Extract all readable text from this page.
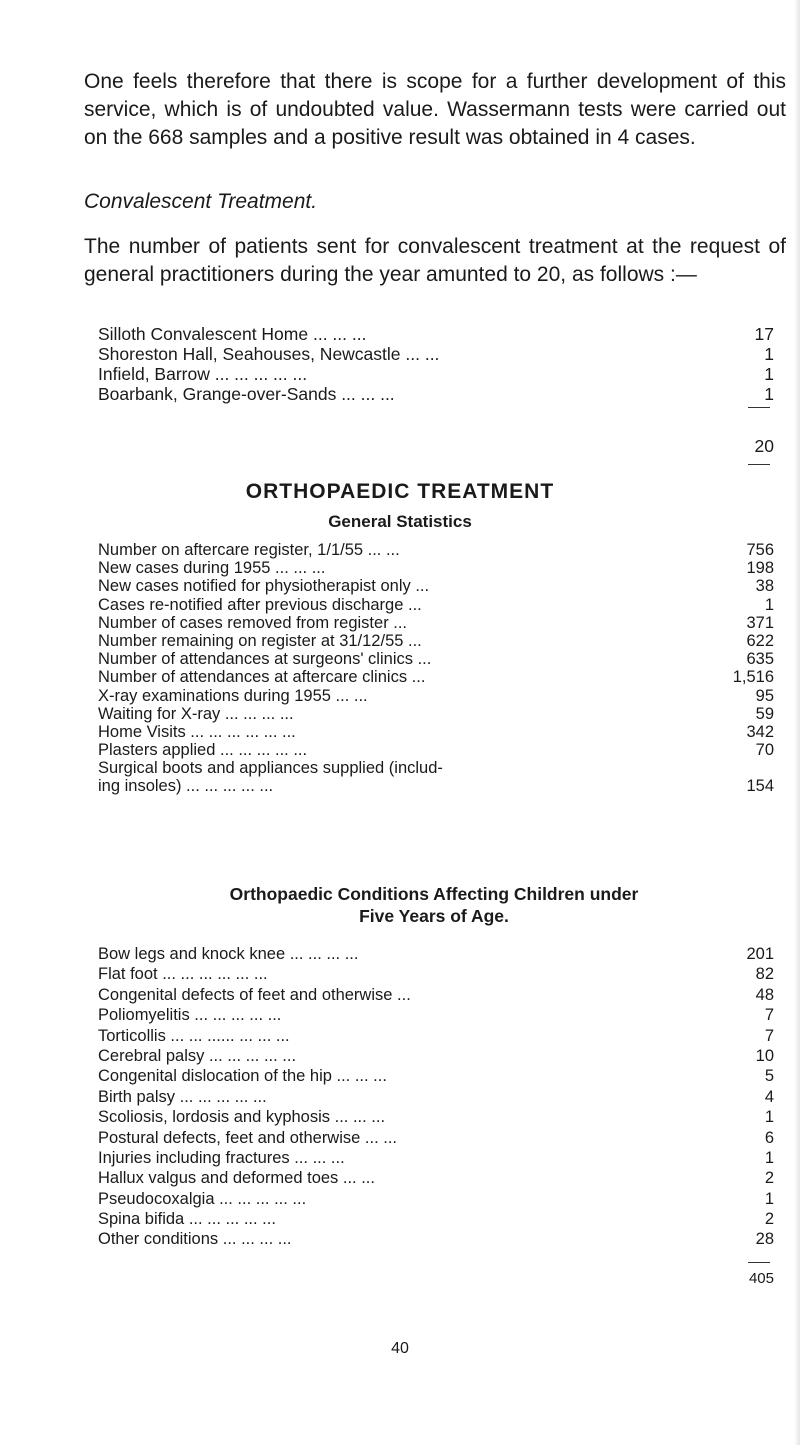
One feels therefore that there is scope for a further development of this service, which is of undoubted value. Wassermann tests were carried out on the 668 samples and a positive result was obtained in 4 cases.

Convalescent Treatment.

The number of patients sent for convalescent treatment at the request of general practitioners during the year amunted to 20, as follows :—

Silloth Convalescent Home ... ... ...	17
Shoreston Hall, Seahouses, Newcastle ... ...	1
Infield, Barrow ... ... ... ... ...	1
Boarbank, Grange-over-Sands ... ... ...	1
20

ORTHOPAEDIC TREATMENT

General Statistics

Number on aftercare register, 1/1/55 ... ...	756
New cases during 1955 ... ... ...	198
New cases notified for physiotherapist only ...	38
Cases re-notified after previous discharge ...	1
Number of cases removed from register ...	371
Number remaining on register at 31/12/55 ...	622
Number of attendances at surgeons' clinics ...	635
Number of attendances at aftercare clinics ...	1,516
X-ray examinations during 1955 ... ...	95
Waiting for X-ray ... ... ... ...	59
Home Visits ... ... ... ... ... ...	342
Plasters applied ... ... ... ... ...	70
Surgical boots and appliances supplied (includ-
ing insoles) ... ... ... ... ...	154

Orthopaedic Conditions Affecting Children under
Five Years of Age.

Bow legs and knock knee ... ... ... ...	201
Flat foot ... ... ... ... ... ...	82
Congenital defects of feet and otherwise ...	48
Poliomyelitis ... ... ... ... ...	7
Torticollis ... ... ...... ... ... ...	7
Cerebral palsy ... ... ... ... ...	10
Congenital dislocation of the hip ... ... ...	5
Birth palsy ... ... ... ... ...	4
Scoliosis, lordosis and kyphosis ... ... ...	1
Postural defects, feet and otherwise ... ...	6
Injuries including fractures ... ... ...	1
Hallux valgus and deformed toes ... ...	2
Pseudocoxalgia ... ... ... ... ...	1
Spina bifida ... ... ... ... ...	2
Other conditions ... ... ... ...	28
405
40
